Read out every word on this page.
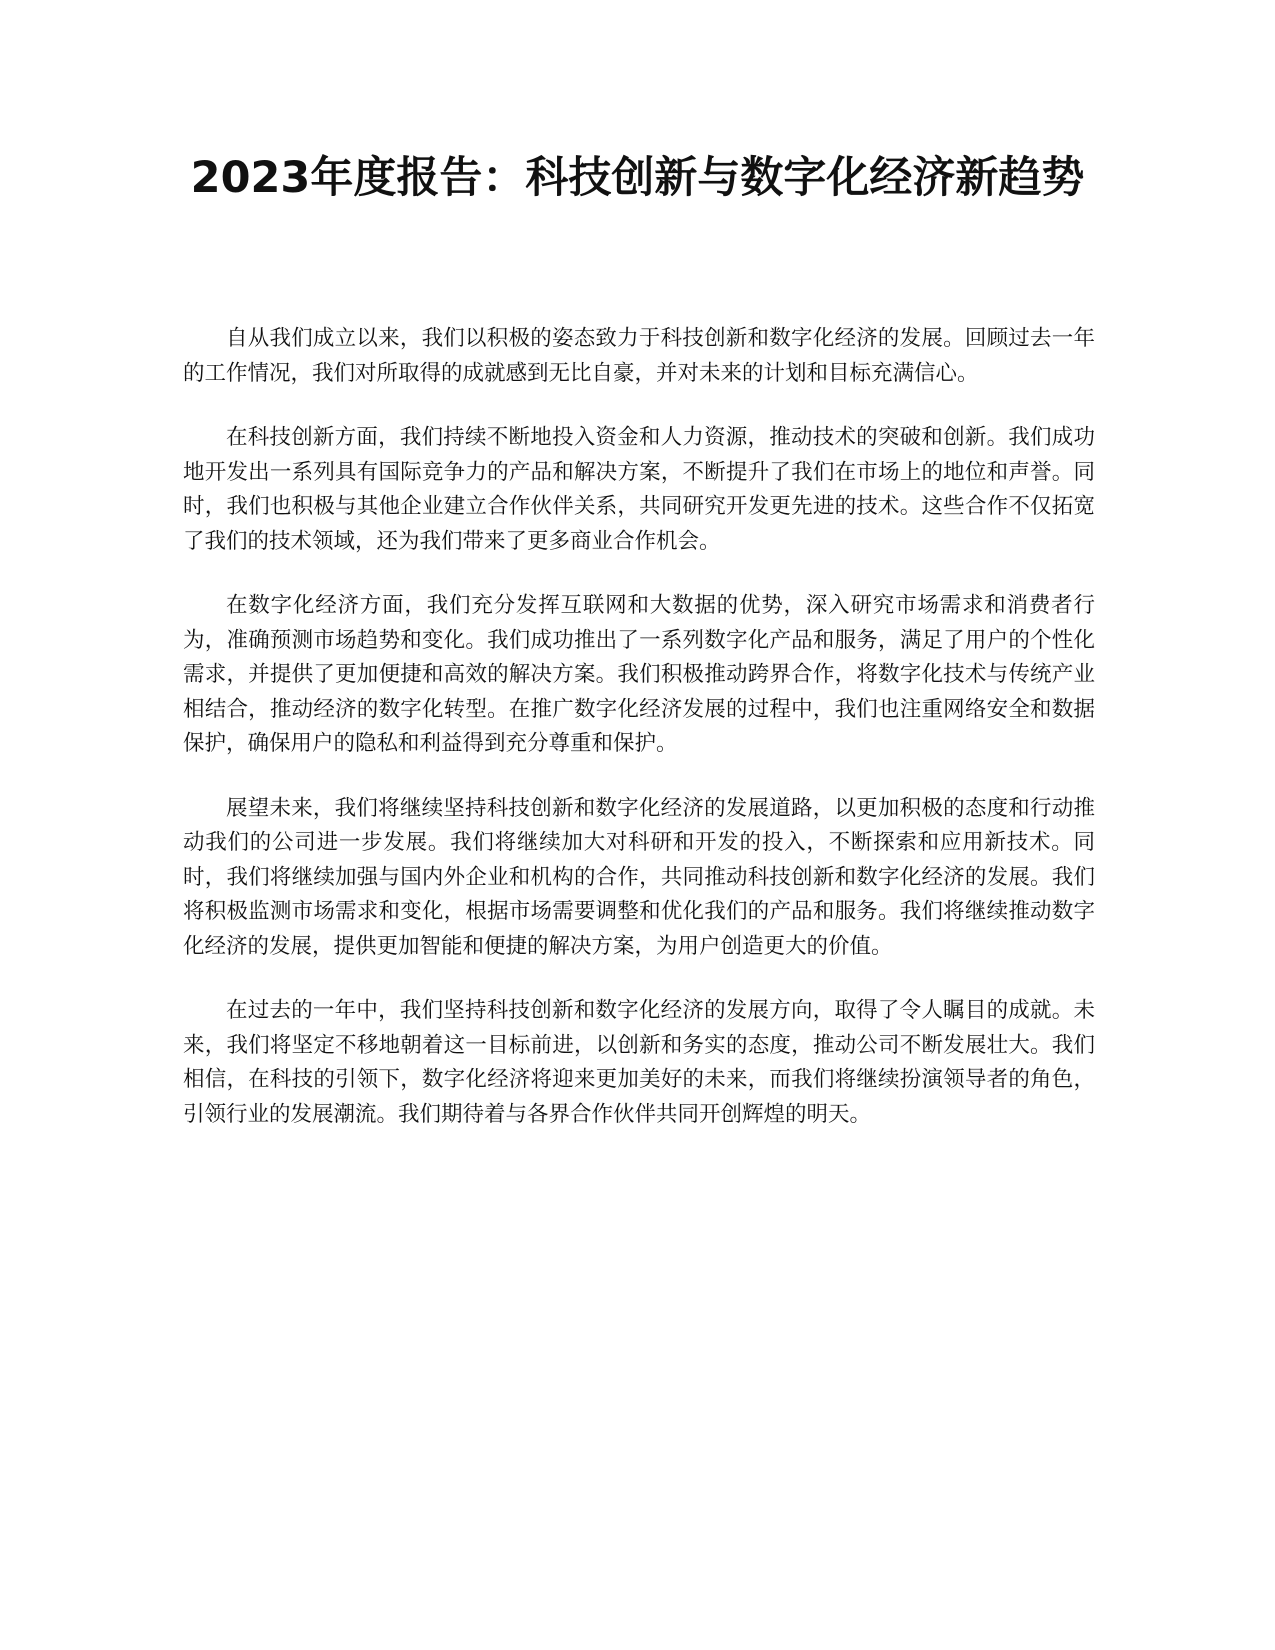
2023年度报告：科技创新与数字化经济新趋势

自从我们成立以来，我们以积极的姿态致力于科技创新和数字化经济的发展。回顾过去一年的工作情况，我们对所取得的成就感到无比自豪，并对未来的计划和目标充满信心。

在科技创新方面，我们持续不断地投入资金和人力资源，推动技术的突破和创新。我们成功地开发出一系列具有国际竞争力的产品和解决方案，不断提升了我们在市场上的地位和声誉。同时，我们也积极与其他企业建立合作伙伴关系，共同研究开发更先进的技术。这些合作不仅拓宽了我们的技术领域，还为我们带来了更多商业合作机会。

在数字化经济方面，我们充分发挥互联网和大数据的优势，深入研究市场需求和消费者行为，准确预测市场趋势和变化。我们成功推出了一系列数字化产品和服务，满足了用户的个性化需求，并提供了更加便捷和高效的解决方案。我们积极推动跨界合作，将数字化技术与传统产业相结合，推动经济的数字化转型。在推广数字化经济发展的过程中，我们也注重网络安全和数据保护，确保用户的隐私和利益得到充分尊重和保护。

展望未来，我们将继续坚持科技创新和数字化经济的发展道路，以更加积极的态度和行动推动我们的公司进一步发展。我们将继续加大对科研和开发的投入，不断探索和应用新技术。同时，我们将继续加强与国内外企业和机构的合作，共同推动科技创新和数字化经济的发展。我们将积极监测市场需求和变化，根据市场需要调整和优化我们的产品和服务。我们将继续推动数字化经济的发展，提供更加智能和便捷的解决方案，为用户创造更大的价值。

在过去的一年中，我们坚持科技创新和数字化经济的发展方向，取得了令人瞩目的成就。未来，我们将坚定不移地朝着这一目标前进，以创新和务实的态度，推动公司不断发展壮大。我们相信，在科技的引领下，数字化经济将迎来更加美好的未来，而我们将继续扮演领导者的角色，引领行业的发展潮流。我们期待着与各界合作伙伴共同开创辉煌的明天。
